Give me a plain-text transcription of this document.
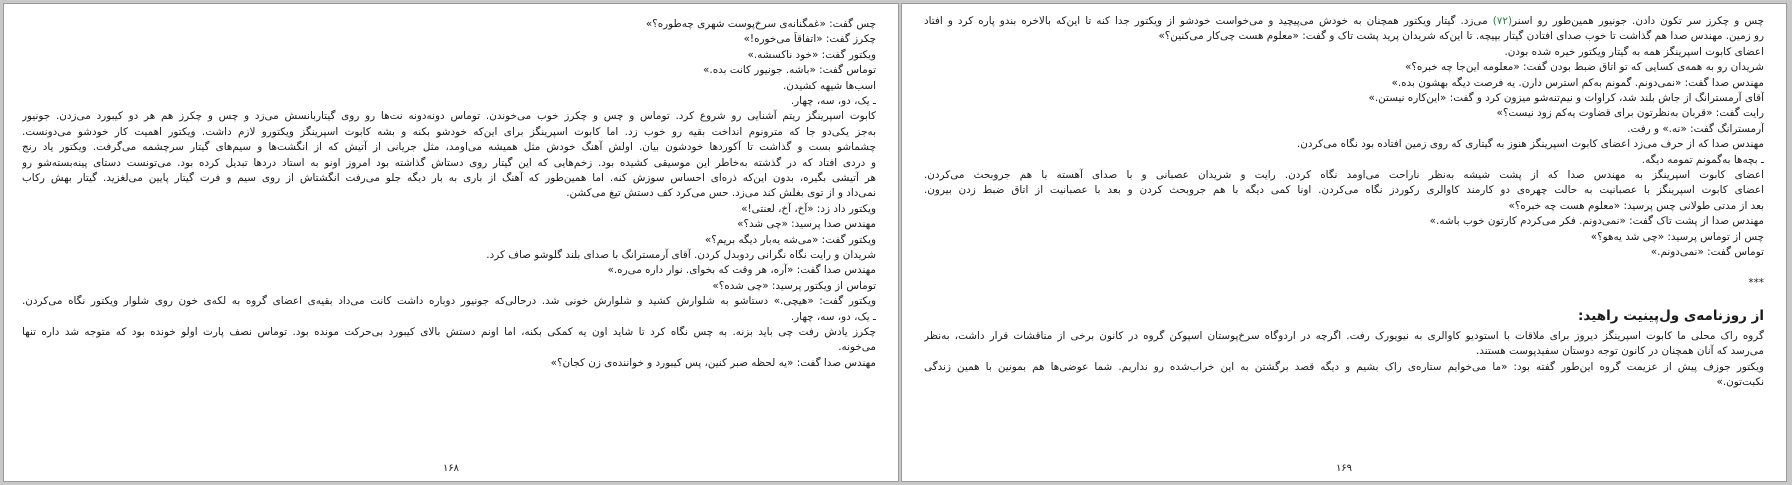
چس گفت: «غمگنانه‌ی سرخ‌پوست شهری چه‌طوره؟»
چکرز گفت: «اتفاقاً می‌خوره!»
ویکتور گفت: «خود ناکسشه.»
توماس گفت: «باشه. جونیور کانت بده.»
اسب‌ها شیهه کشیدن.
ـ یک، دو، سه، چهار.
کابوت اسپرینگز ریتم آشنایی رو شروع کرد. توماس و چس و چکرز خوب می‌خوندن. توماس دونه‌دونه نت‌ها رو روی گیتاربانسش می‌زد و چس و چکرز هم هر دو کیبورد می‌زدن. جونیور
به‌جز یکی‌دو جا که مترونوم انداخت بقیه رو خوب زد. اما کابوت اسپرینگز برای این‌که خودشو بکنه و بشه کابوت اسپرینگز ویکتورو لازم داشت. ویکتور اهمیت کار خودشو می‌دونست.
چشماشو بست و گذاشت تا آکوردها خودشون بیان. اولش آهنگ خودش مثل همیشه می‌اومد، مثل جریانی از آتیش که از انگشت‌ها و سیم‌های گیتار سرچشمه می‌گرفت. ویکتور یاد رنج
و دردی افتاد که در گذشته به‌خاطر این موسیقی کشیده بود. زخم‌هایی که این گیتار روی دستاش گذاشته بود امروز اونو به استاد دردها تبدیل کرده بود. می‌تونست دستای پینه‌بسته‌شو رو
هر آتیشی بگیره، بدون این‌که ذره‌ای احساس سوزش کنه. اما همین‌طور که آهنگ از باری به بار دیگه جلو می‌رفت انگشتاش از روی سیم و فرت گیتار پایین می‌لغزید. گیتار بهش رکاب
نمی‌داد و از توی بغلش کند می‌زد. حس می‌کرد کف دستش تیغ می‌کشن.
ویکتور داد زد: «آخ، آخ، لعنتی!»
مهندس صدا پرسید: «چی شد؟»
ویکتور گفت: «می‌شه یه‌بار دیگه بریم؟»
شریدان و رایت نگاه نگرانی ردوبدل کردن. آقای آرمسترانگ با صدای بلند گلوشو صاف کرد.
مهندس صدا گفت: «آره، هر وقت که بخوای. نوار داره می‌ره.»
توماس از ویکتور پرسید: «چی شده؟»
ویکتور گفت: «هیچی.» دستاشو به شلوارش کشید و شلوارش خونی شد. درحالی‌که جونیور دوباره داشت کانت می‌داد بقیه‌ی اعضای گروه به لکه‌ی خون روی شلوار ویکتور نگاه می‌کردن.
ـ یک، دو، سه، چهار.
چکرز یادش رفت چی باید بزنه. به چس نگاه کرد تا شاید اون یه کمکی بکنه، اما اونم دستش بالای کیبورد بی‌حرکت مونده بود. توماس نصف پارت اولو خونده بود که متوجه شد داره تنها
می‌خونه.
مهندس صدا گفت: «یه لحظه صبر کنین، پس کیبورد و خواننده‌ی زن کجان؟»
۱۶۸
چس و چکرز سر تکون دادن. جونیور همین‌طور رو اسنر(۷۲) می‌زد. گیتار ویکتور همچنان به خودش می‌پیچید و می‌خواست خودشو از ویکتور جدا کنه تا این‌که بالاخره بندو پاره کرد و افتاد
رو زمین. مهندس صدا هم گذاشت تا خوب صدای افتادن گیتار بپیچه. تا این‌که شریدان پرید پشت تاک و گفت: «معلوم هست چی‌کار می‌کنین؟»
اعضای کابوت اسپرینگز همه به گیتار ویکتور خیره شده بودن.
شریدان رو به همه‌ی کسایی که تو اتاق ضبط بودن گفت: «معلومه این‌جا چه خبره؟»
مهندس صدا گفت: «نمی‌دونم. گمونم به‌کم استرس دارن. یه فرصت دیگه بهشون بده.»
آقای آرمسترانگ از جاش بلند شد، کراوات و نیم‌تنه‌شو میزون کرد و گفت: «این‌کاره نیستن.»
رایت گفت: «قربان به‌نظرتون برای قضاوت یه‌کم زود نیست؟»
آرمسترانگ گفت: «نه.» و رفت.
مهندس صدا که از حرف می‌زد اعضای کابوت اسپرینگز هنوز به گیتاری که روی زمین افتاده بود نگاه می‌کردن.
ـ بچه‌ها به‌گمونم تمومه دیگه.
اعضای کابوت اسپرینگز به مهندس صدا که از پشت شیشه به‌نظر ناراحت می‌اومد نگاه کردن. رایت و شریدان عصبانی و با صدای آهسته با هم جروبحث می‌کردن.
اعضای کابوت اسپرینگز با عصبانیت به حالت چهره‌ی دو کارمند کاوالری رکوردز نگاه می‌کردن. اونا کمی دیگه با هم جروبحث کردن و بعد با عصبانیت از اتاق ضبط زدن بیرون.
بعد از مدتی طولانی چس پرسید: «معلوم هست چه خبره؟»
مهندس صدا از پشت تاک گفت: «نمی‌دونم. فکر می‌کردم کارتون خوب باشه.»
چس از توماس پرسید: «چی شد یه‌هو؟»
توماس گفت: «نمی‌دونم.»
***
از روزنامه‌ی ول‌پینیت راهید:
گروه راک محلی ما کابوت اسپرینگز دیروز برای ملاقات با استودیو کاوالری به نیویورک رفت. اگرچه در اردوگاه سرخ‌پوستان اسپوکن گروه در کانون برخی از مناقشات قرار داشت، به‌نظر
می‌رسد که آنان همچنان در کانون توجه دوستان سفیدپوست هستند.
ویکتور جوزف پیش از عزیمت گروه این‌طور گفته بود: «ما می‌خوایم ستاره‌ی راک بشیم و دیگه قصد برگشتن به این خراب‌شده رو نداریم. شما عوضی‌ها هم بمونین با همین زندگی
نکبت‌تون.»
۱۶۹
